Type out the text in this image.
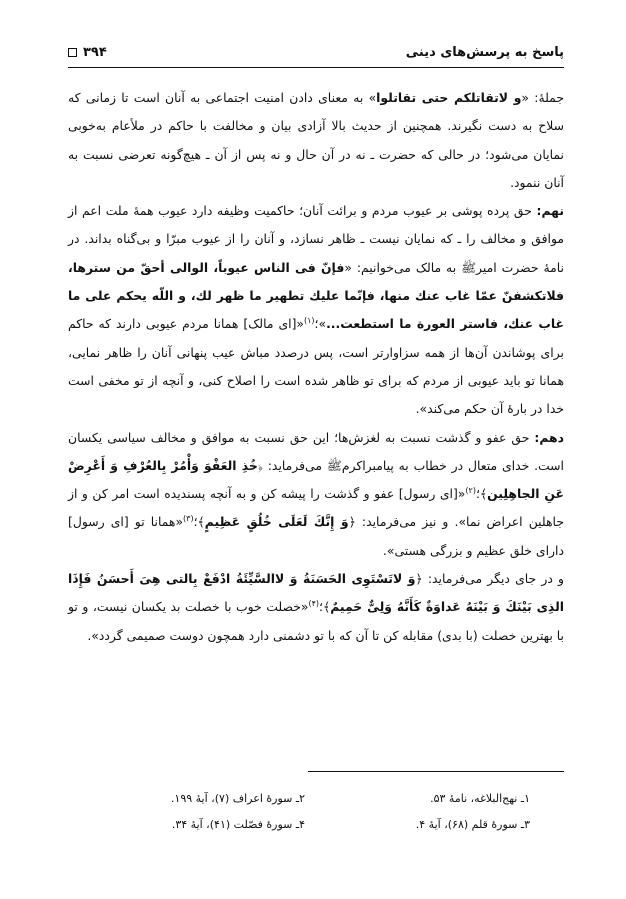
پاسخ به پرسش‌های دینی
۳۹۴

جملهٔ: «و لاتقاتلکم حتی تقاتلوا» به معنای دادن امنیت اجتماعی به آنان است تا زمانی که سلاح به دست نگیرند. همچنین از حدیث بالا آزادی بیان و مخالفت با حاکم در ملأعام به‌خوبی نمایان می‌شود؛ در حالی که حضرت ـ نه در آن حال و نه پس از آن ـ هیچ‌گونه تعرضی نسبت به آنان ننمود.

نهم: حق پرده پوشی بر عیوب مردم و برائت آنان؛ حاکمیت وظیفه دارد عیوب همهٔ ملت اعم از موافق و مخالف را ـ که نمایان نیست ـ ظاهر نسازد، و آنان را از عیوب مبرّا و بی‌گناه بداند. در نامهٔ حضرت امیرﷺ به مالک می‌خوانیم: «فإنّ فی الناس عیوباً، الوالی أحقّ من سترها، فلاتکشفنّ عمّا غاب عنك منها، فإنّما علیك تطهیر ما ظهر لك، و اللّه یحکم علی ما غاب عنك، فاستر العورة ما استطعت...»؛$^{(۱)}$«[ای مالک] همانا مردم عیوبی دارند که حاکم برای پوشاندن آن‌ها از همه سزاوارتر است، پس درصدد مباش عیب پنهانی آنان را ظاهر نمایی، همانا تو باید عیوبی از مردم که برای تو ظاهر شده است را اصلاح کنی، و آنچه از تو مخفی است خدا در بارهٔ آن حکم می‌کند».

دهم: حق عفو و گذشت نسبت به لغزش‌ها؛ این حق نسبت به موافق و مخالف سیاسی یکسان است. خدای متعال در خطاب به پیامبراکرمﷺ می‌فرماید: ﴿خُذِ العَفْوَ وَأْمُرْ بِالعُرْفِ وَ أَعْرِضْ عَنِ الجاهِلِین﴾؛$^{(۲)}$«[ای رسول] عفو و گذشت را پیشه کن و به آنچه پسندیده است امر کن و از جاهلین اعراض نما». و نیز می‌فرماید: ﴿وَ إِنَّكَ لَعَلَى خُلُقٍ عَظِیمٍ﴾؛$^{(۳)}$«همانا تو [ای رسول] دارای خلق عظیم و بزرگی هستی».

و در جای دیگر می‌فرماید: ﴿وَ لاتَسْتَوِی الحَسَنَةُ وَ لاالسَّیِّئَةُ ادْفَعْ بِالتی هِیَ أَحسَنُ فَإِذَا الذِی بَیْنَكَ وَ بَیْنَهُ عَداوَةٌ كَأَنَّهُ وَلِیٌّ حَمِیمٌ﴾؛$^{(۴)}$«خصلت خوب با خصلت بد یکسان نیست، و تو با بهترین خصلت (با بدی) مقابله کن تا آن که با تو دشمنی دارد همچون دوست صمیمی گردد».

۱ـ نهج‌البلاغه، نامهٔ ۵۳.
۲ـ سورهٔ اعراف (۷)، آیهٔ ۱۹۹.
۳ـ سورهٔ قلم (۶۸)، آیهٔ ۴.
۴ـ سورهٔ فصّلت (۴۱)، آیهٔ ۳۴.
